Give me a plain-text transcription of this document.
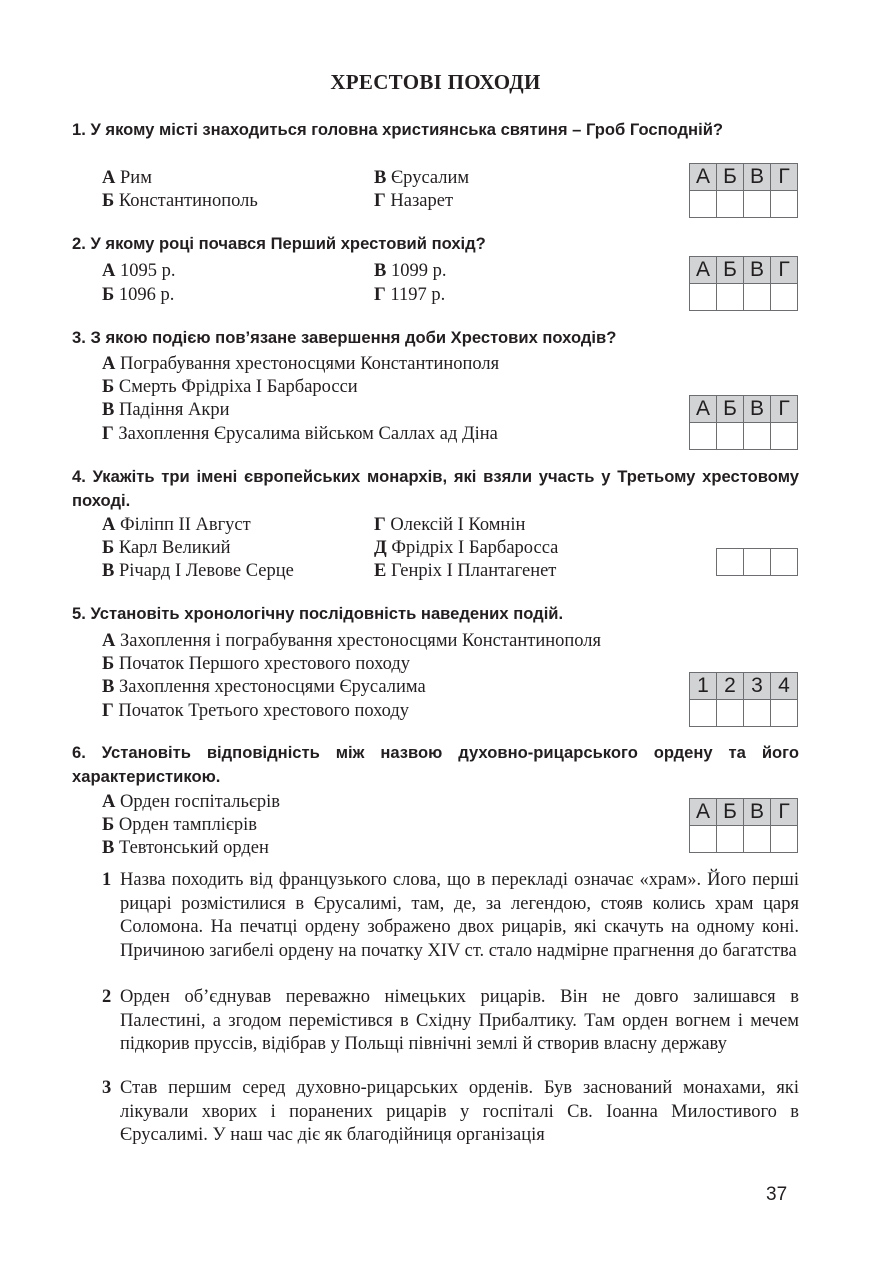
ХРЕСТОВІ ПОХОДИ
1. У якому місті знаходиться головна християнська святиня – Гроб Господній?
А Рим
Б Константинополь
В Єрусалим
Г Назарет
А	Б	В	Г

2. У якому році почався Перший хрестовий похід?
А 1095 р.
Б 1096 р.
В 1099 р.
Г 1197 р.
А	Б	В	Г

3. З якою подією пов’язане завершення доби Хрестових походів?
А Пограбування хрестоносцями Константинополя
Б Смерть Фрідріха І Барбаросси
В Падіння Акри
Г Захоплення Єрусалима військом Саллах ад Діна
А	Б	В	Г

4. Укажіть три імені європейських монархів, які взяли участь у Третьому хрестовому поході.
А Філіпп ІІ Август
Б Карл Великий
В Річард І Левове Серце
Г Олексій І Комнін
Д Фрідріх І Барбаросса
Е Генріх І Плантагенет

5. Установіть хронологічну послідовність наведених подій.
А Захоплення і пограбування хрестоносцями Константинополя
Б Початок Першого хрестового походу
В Захоплення хрестоносцями Єрусалима
Г Початок Третього хрестового походу
1	2	3	4

6. Установіть відповідність між назвою духовно-рицарського ордену та його характеристикою.
А Орден госпітальєрів
Б Орден тамплієрів
В Тевтонський орден
А	Б	В	Г

1 Назва походить від французького слова, що в перекладі означає «храм». Його перші рицарі розмістилися в Єрусалимі, там, де, за легендою, стояв колись храм царя Соломона. На печатці ордену зображено двох рицарів, які скачуть на одному коні. Причиною загибелі ордену на початку XIV ст. стало надмірне прагнення до багатства
2 Орден об’єднував переважно німецьких рицарів. Він не довго залишався в Палестині, а згодом перемістився в Східну Прибалтику. Там орден вогнем і мечем підкорив пруссів, відібрав у Польщі північні землі й створив власну державу
3 Став першим серед духовно-рицарських орденів. Був заснований монахами, які лікували хворих і поранених рицарів у госпіталі Св. Іоанна Милостивого в Єрусалимі. У наш час діє як благодійниця організація
37
